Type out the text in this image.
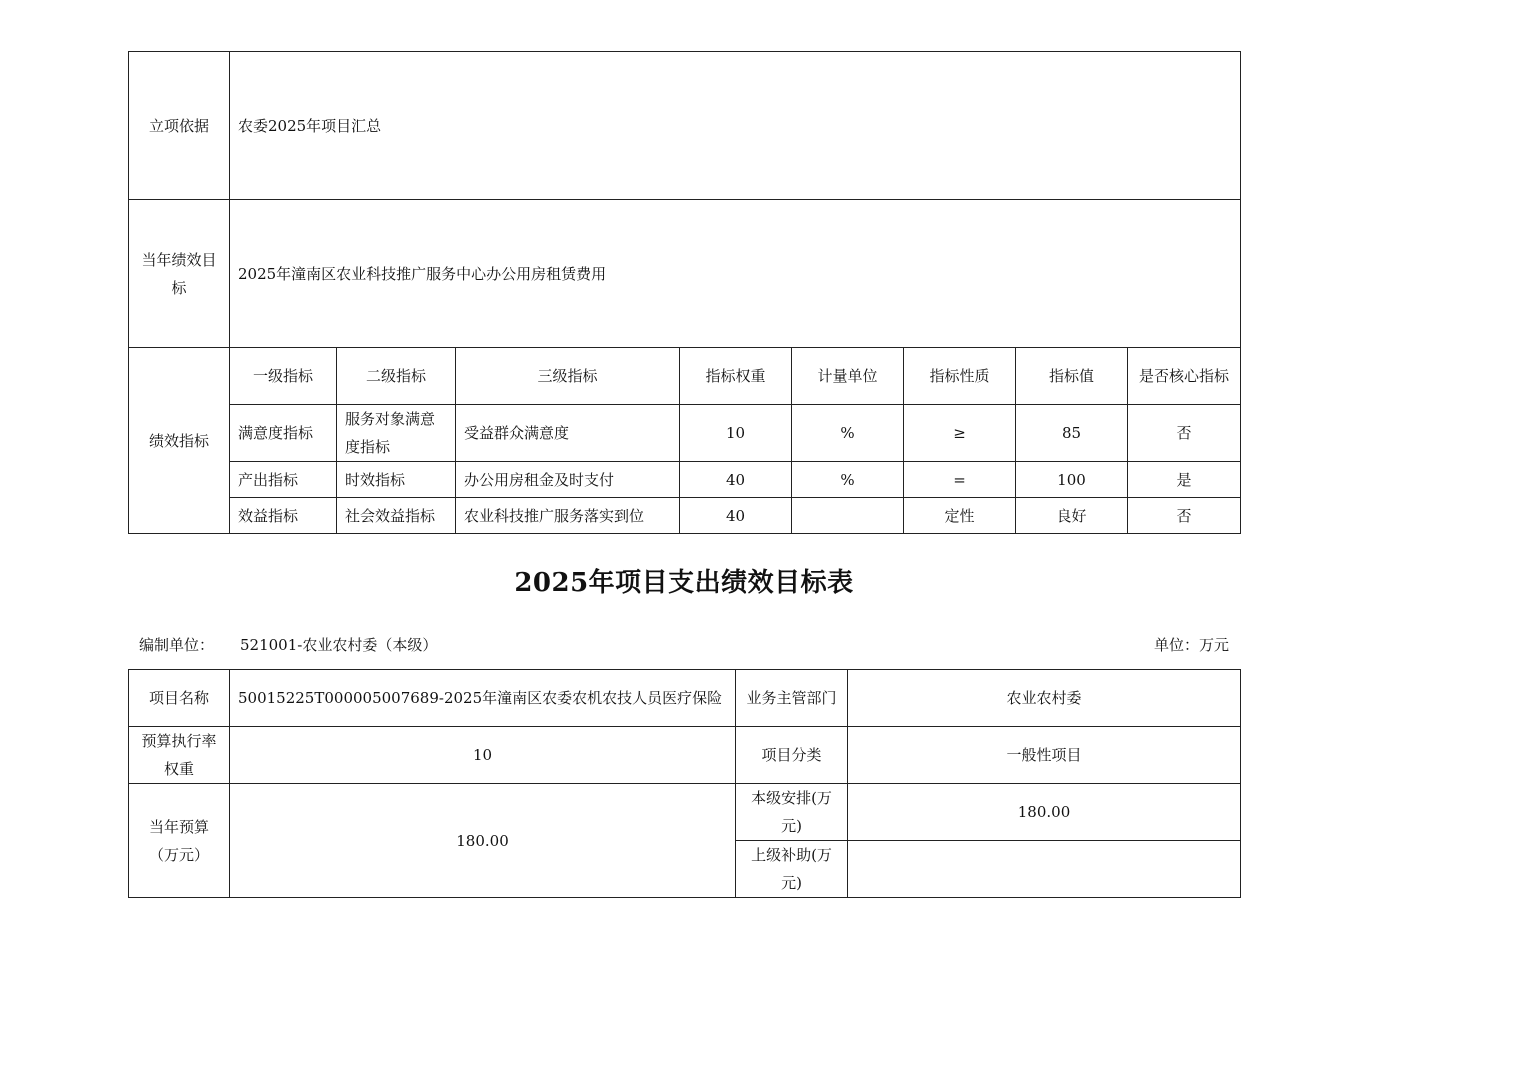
立项依据	农委2025年项目汇总							
当年绩效目标	2025年潼南区农业科技推广服务中心办公用房租赁费用							
绩效指标	一级指标	二级指标	三级指标	指标权重	计量单位	指标性质	指标值	是否核心指标
	满意度指标	服务对象满意度指标	受益群众满意度	10	%	≥	85	否
	产出指标	时效指标	办公用房租金及时支付	40	%	=	100	是
	效益指标	社会效益指标	农业科技推广服务落实到位	40		定性	良好	否
2025年项目支出绩效目标表
编制单位： 521001-农业农村委（本级）	单位：万元
项目名称	50015225T000005007689-2025年潼南区农委农机农技人员医疗保险	业务主管部门	农业农村委
预算执行率权重	10	项目分类	一般性项目
当年预算（万元）	180.00	本级安排(万元)	180.00
		上级补助(万元)	
